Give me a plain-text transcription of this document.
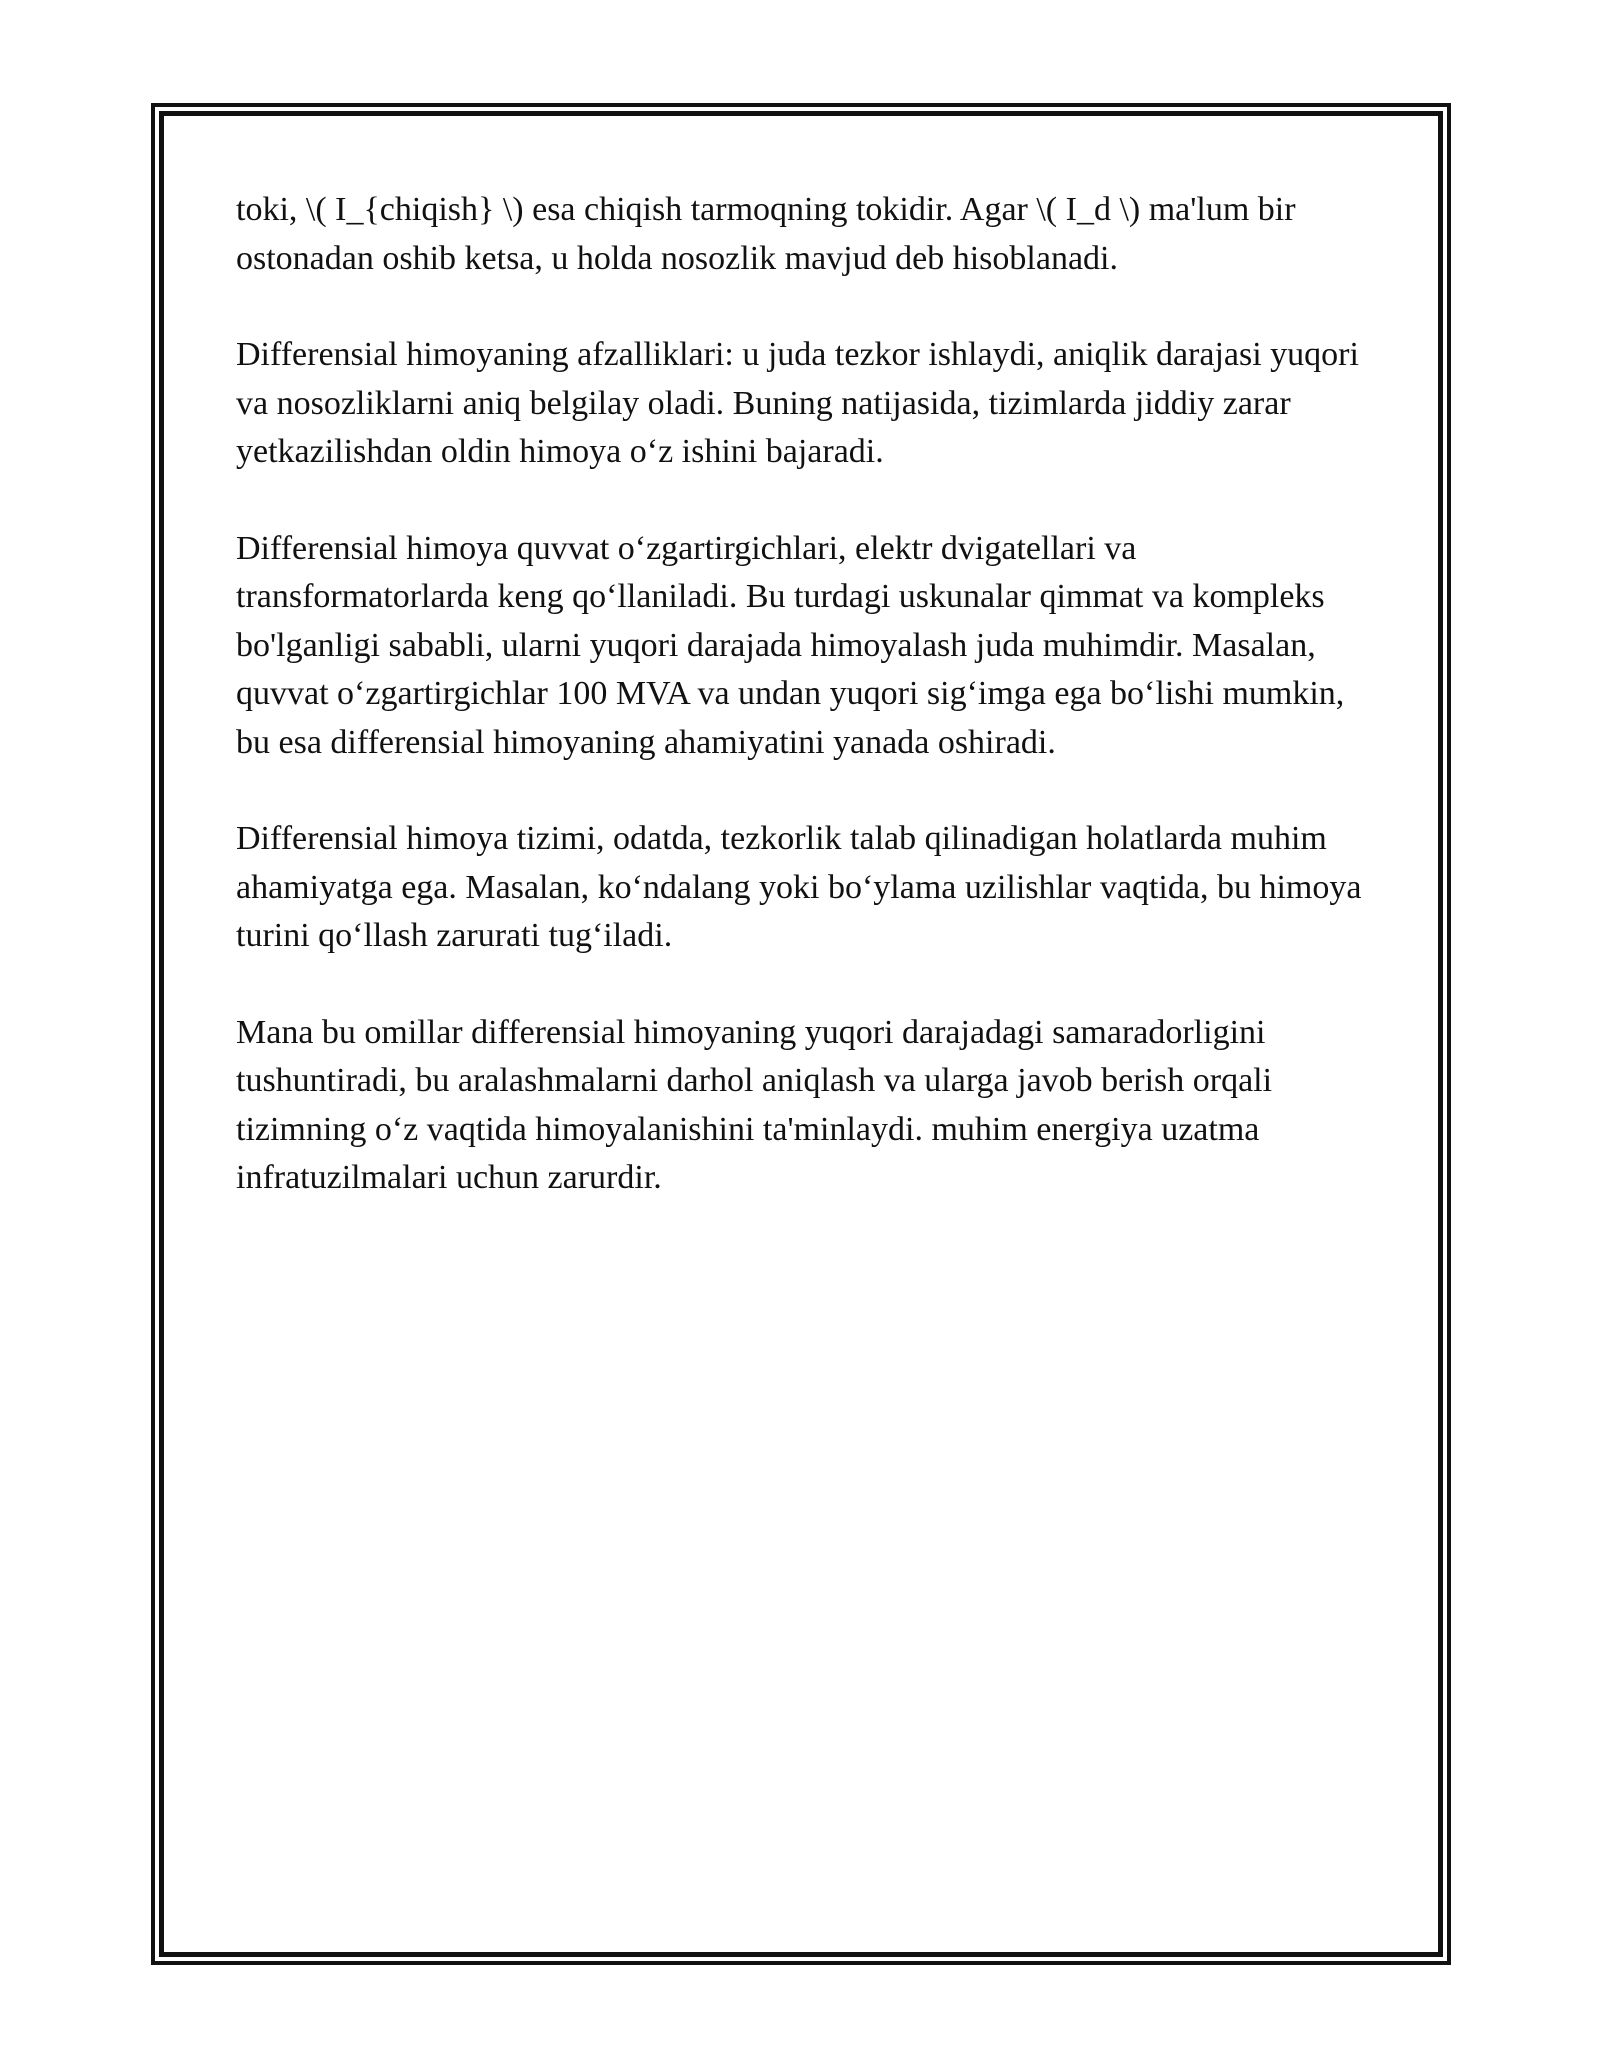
toki, \( I_{chiqish} \) esa chiqish tarmoqning tokidir. Agar \( I_d \) ma'lum bir ostonadan oshib ketsa, u holda nosozlik mavjud deb hisoblanadi.

Differensial himoyaning afzalliklari: u juda tezkor ishlaydi, aniqlik darajasi yuqori va nosozliklarni aniq belgilay oladi. Buning natijasida, tizimlarda jiddiy zarar yetkazilishdan oldin himoya oʻz ishini bajaradi.

Differensial himoya quvvat oʻzgartirgichlari, elektr dvigatellari va transformatorlarda keng qoʻllaniladi. Bu turdagi uskunalar qimmat va kompleks bo'lganligi sababli, ularni yuqori darajada himoyalash juda muhimdir. Masalan, quvvat oʻzgartirgichlar 100 MVA va undan yuqori sigʻimga ega boʻlishi mumkin, bu esa differensial himoyaning ahamiyatini yanada oshiradi.

Differensial himoya tizimi, odatda, tezkorlik talab qilinadigan holatlarda muhim ahamiyatga ega. Masalan, koʻndalang yoki boʻylama uzilishlar vaqtida, bu himoya turini qoʻllash zarurati tugʻiladi.

Mana bu omillar differensial himoyaning yuqori darajadagi samaradorligini tushuntiradi, bu aralashmalarni darhol aniqlash va ularga javob berish orqali tizimning oʻz vaqtida himoyalanishini ta'minlaydi. muhim energiya uzatma infratuzilmalari uchun zarurdir.
